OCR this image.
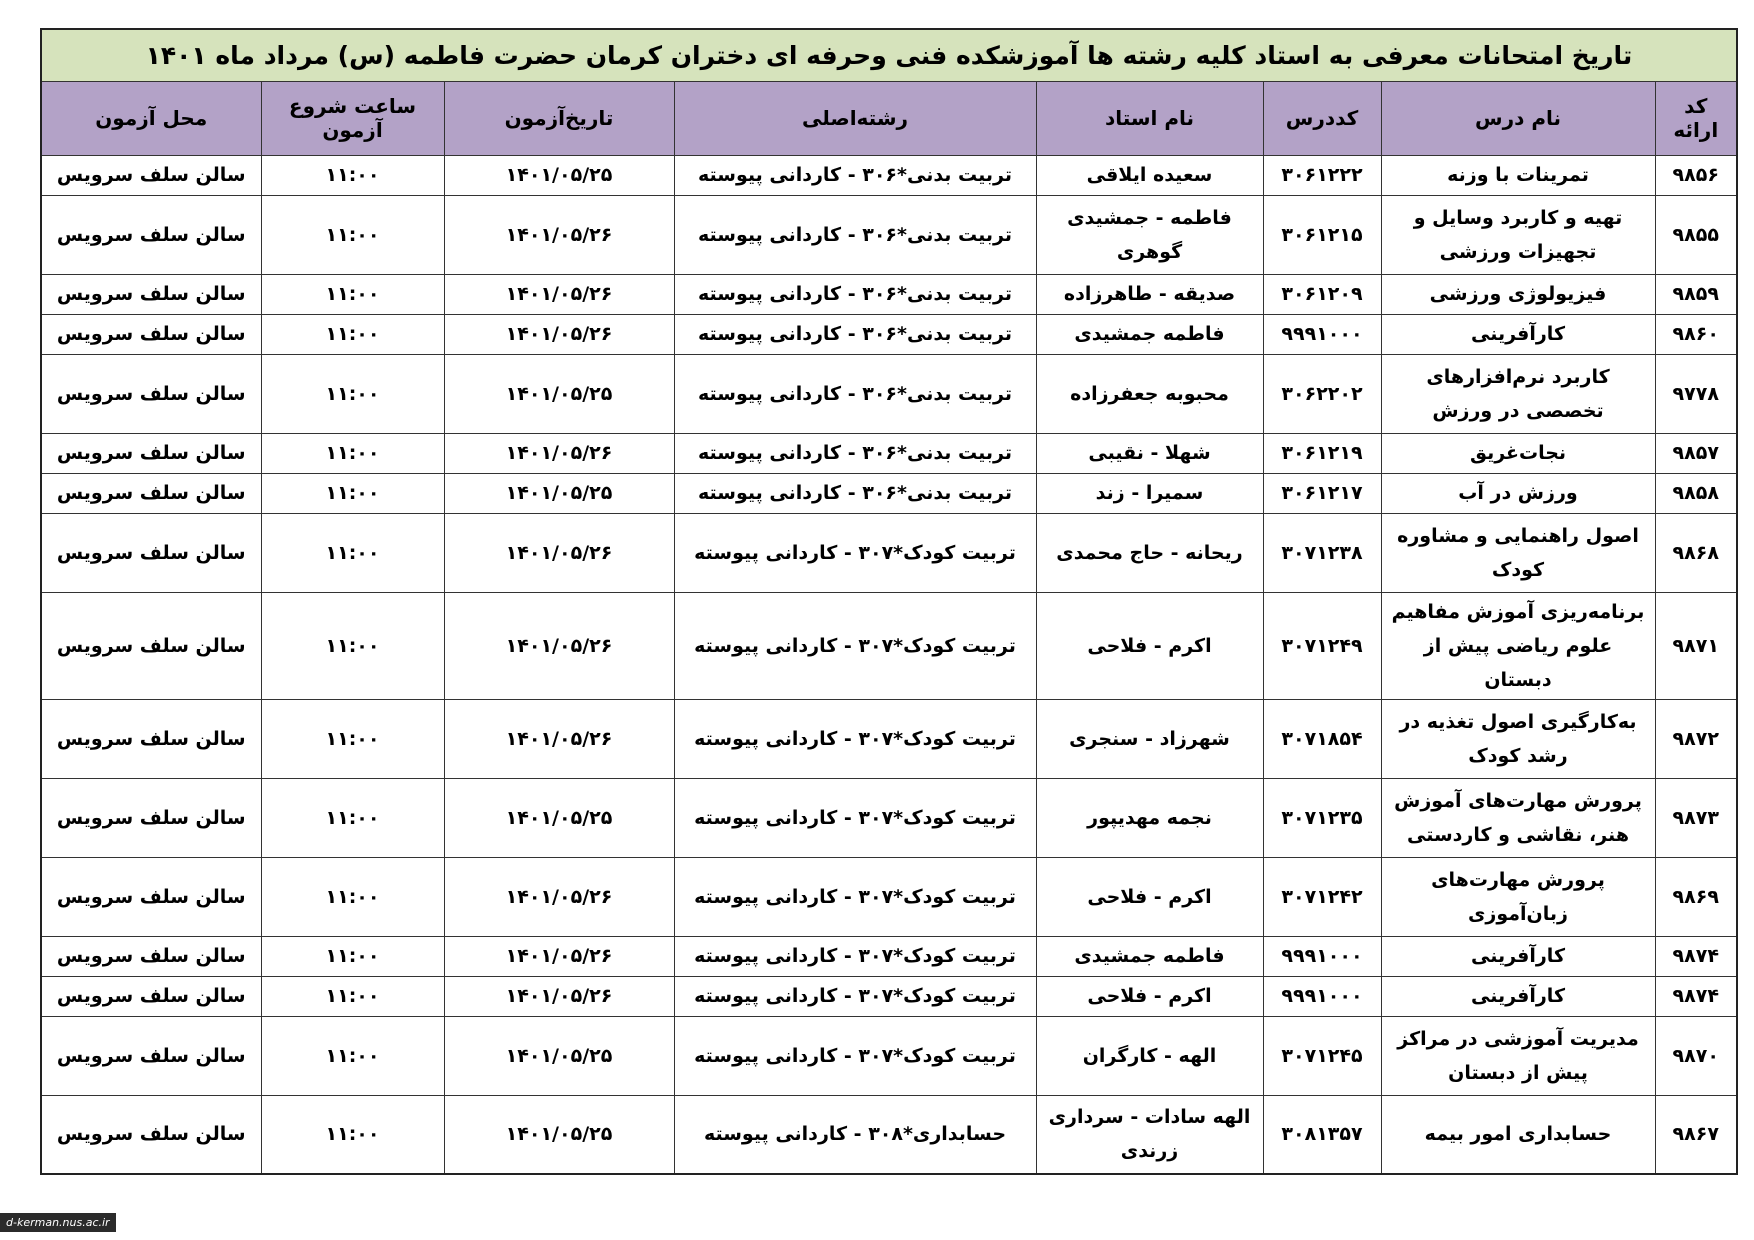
تاریخ امتحانات معرفی به استاد کلیه رشته ها آموزشکده فنی وحرفه ای دختران کرمان حضرت فاطمه (س) مرداد ماه ۱۴۰۱							
کد ارائه	نام درس	کددرس	نام استاد	رشته‌اصلی	تاریخ‌آزمون	ساعت شروع آزمون	محل آزمون
۹۸۵۶	تمرینات با وزنه	۳۰۶۱۲۲۲	سعیده ایلاقی	تربیت بدنی*۳۰۶ - کاردانی پیوسته	۱۴۰۱/۰۵/۲۵	۱۱:۰۰	سالن سلف سرویس
۹۸۵۵	تهیه و کاربرد وسایل و تجهیزات ورزشی	۳۰۶۱۲۱۵	فاطمه - جمشیدی گوهری	تربیت بدنی*۳۰۶ - کاردانی پیوسته	۱۴۰۱/۰۵/۲۶	۱۱:۰۰	سالن سلف سرویس
۹۸۵۹	فیزیولوژی ورزشی	۳۰۶۱۲۰۹	صدیقه - طاهرزاده	تربیت بدنی*۳۰۶ - کاردانی پیوسته	۱۴۰۱/۰۵/۲۶	۱۱:۰۰	سالن سلف سرویس
۹۸۶۰	کارآفرینی	۹۹۹۱۰۰۰	فاطمه جمشیدی	تربیت بدنی*۳۰۶ - کاردانی پیوسته	۱۴۰۱/۰۵/۲۶	۱۱:۰۰	سالن سلف سرویس
۹۷۷۸	کاربرد نرم‌افزارهای تخصصی در ورزش	۳۰۶۲۲۰۲	محبوبه جعفرزاده	تربیت بدنی*۳۰۶ - کاردانی پیوسته	۱۴۰۱/۰۵/۲۵	۱۱:۰۰	سالن سلف سرویس
۹۸۵۷	نجات‌غریق	۳۰۶۱۲۱۹	شهلا - نقیبی	تربیت بدنی*۳۰۶ - کاردانی پیوسته	۱۴۰۱/۰۵/۲۶	۱۱:۰۰	سالن سلف سرویس
۹۸۵۸	ورزش در آب	۳۰۶۱۲۱۷	سمیرا - زند	تربیت بدنی*۳۰۶ - کاردانی پیوسته	۱۴۰۱/۰۵/۲۵	۱۱:۰۰	سالن سلف سرویس
۹۸۶۸	اصول راهنمایی و مشاوره کودک	۳۰۷۱۲۳۸	ریحانه - حاج محمدی	تربیت کودک*۳۰۷ - کاردانی پیوسته	۱۴۰۱/۰۵/۲۶	۱۱:۰۰	سالن سلف سرویس
۹۸۷۱	برنامه‌ریزی آموزش مفاهیم علوم ریاضی پیش از دبستان	۳۰۷۱۲۴۹	اکرم - فلاحی	تربیت کودک*۳۰۷ - کاردانی پیوسته	۱۴۰۱/۰۵/۲۶	۱۱:۰۰	سالن سلف سرویس
۹۸۷۲	به‌کارگیری اصول تغذیه در رشد کودک	۳۰۷۱۸۵۴	شهرزاد - سنجری	تربیت کودک*۳۰۷ - کاردانی پیوسته	۱۴۰۱/۰۵/۲۶	۱۱:۰۰	سالن سلف سرویس
۹۸۷۳	پرورش مهارت‌های آموزش هنر، نقاشی و کاردستی	۳۰۷۱۲۳۵	نجمه مهدیپور	تربیت کودک*۳۰۷ - کاردانی پیوسته	۱۴۰۱/۰۵/۲۵	۱۱:۰۰	سالن سلف سرویس
۹۸۶۹	پرورش مهارت‌های زبان‌آموزی	۳۰۷۱۲۴۲	اکرم - فلاحی	تربیت کودک*۳۰۷ - کاردانی پیوسته	۱۴۰۱/۰۵/۲۶	۱۱:۰۰	سالن سلف سرویس
۹۸۷۴	کارآفرینی	۹۹۹۱۰۰۰	فاطمه جمشیدی	تربیت کودک*۳۰۷ - کاردانی پیوسته	۱۴۰۱/۰۵/۲۶	۱۱:۰۰	سالن سلف سرویس
۹۸۷۴	کارآفرینی	۹۹۹۱۰۰۰	اکرم - فلاحی	تربیت کودک*۳۰۷ - کاردانی پیوسته	۱۴۰۱/۰۵/۲۶	۱۱:۰۰	سالن سلف سرویس
۹۸۷۰	مدیریت آموزشی در مراکز پیش از دبستان	۳۰۷۱۲۴۵	الهه - کارگران	تربیت کودک*۳۰۷ - کاردانی پیوسته	۱۴۰۱/۰۵/۲۵	۱۱:۰۰	سالن سلف سرویس
۹۸۶۷	حسابداری امور بیمه	۳۰۸۱۳۵۷	الهه سادات - سرداری زرندی	حسابداری*۳۰۸ - کاردانی پیوسته	۱۴۰۱/۰۵/۲۵	۱۱:۰۰	سالن سلف سرویس
d-kerman.nus.ac.ir
